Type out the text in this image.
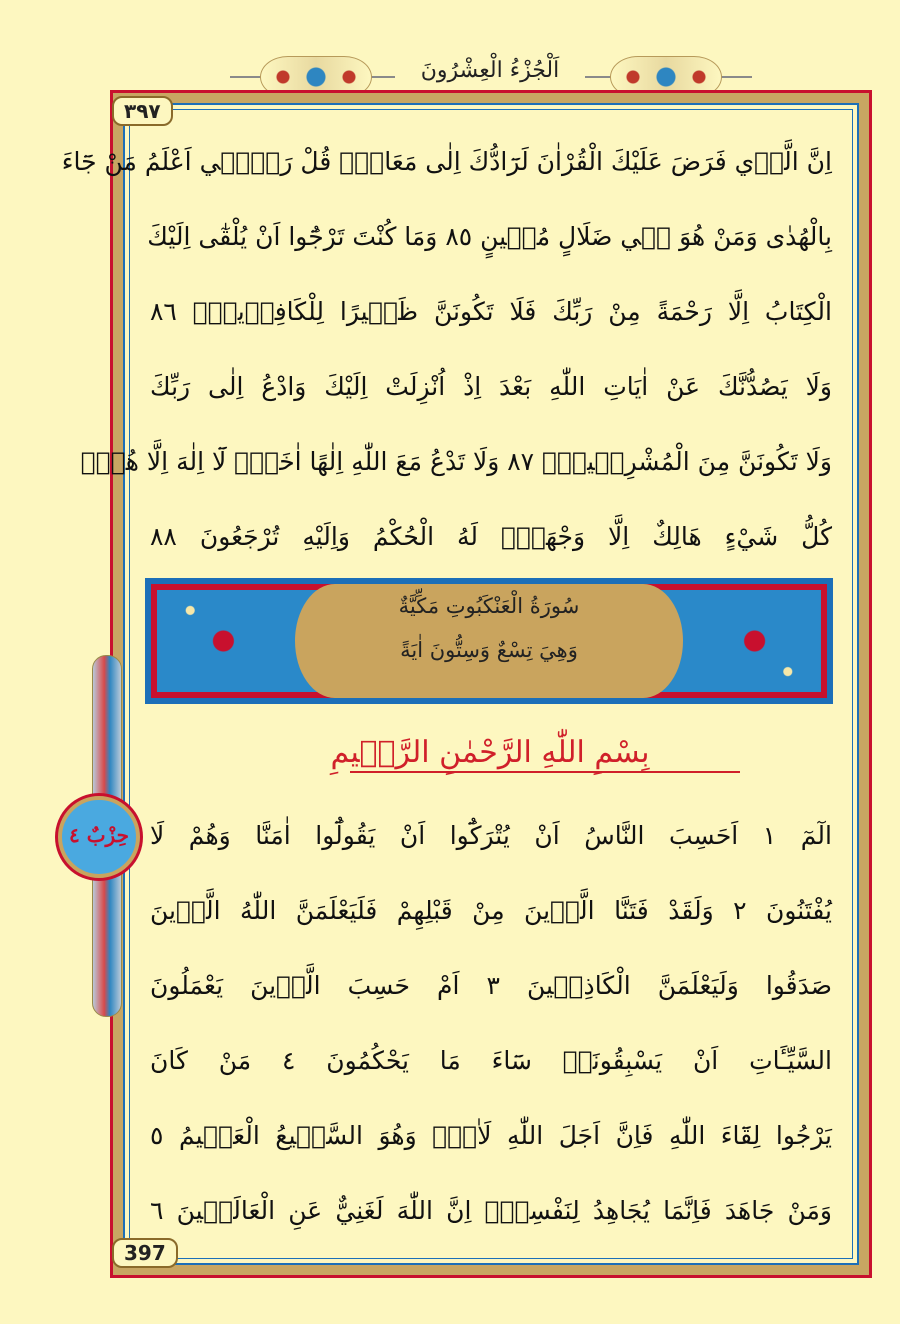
اَلْجُزْءُ الْعِشْرُونَ
٣٩٧
397
اِنَّ الَّذ۪ي فَرَضَ عَلَيْكَ الْقُرْاٰنَ لَرَٓادُّكَ اِلٰى مَعَادٍۜ قُلْ رَبّ۪ٓي اَعْلَمُ مَنْ جَٓاءَ
بِالْهُدٰى وَمَنْ هُوَ ف۪ي ضَلَالٍ مُب۪ينٍ ٨٥ وَمَا كُنْتَ تَرْجُٓوا اَنْ يُلْقٰٓى اِلَيْكَ
الْكِتَابُ اِلَّا رَحْمَةً مِنْ رَبِّكَ فَلَا تَكُونَنَّ ظَه۪يرًا لِلْكَافِر۪ينَۘ ٨٦
وَلَا يَصُدُّنَّكَ عَنْ اٰيَاتِ اللّٰهِ بَعْدَ اِذْ اُنْزِلَتْ اِلَيْكَ وَادْعُ اِلٰى رَبِّكَ
وَلَا تَكُونَنَّ مِنَ الْمُشْرِك۪ينَۚ ٨٧ وَلَا تَدْعُ مَعَ اللّٰهِ اِلٰهًا اٰخَرَۢ لَٓا اِلٰهَ اِلَّا هُوَۜ
كُلُّ شَيْءٍ هَالِكٌ اِلَّا وَجْهَهُۜ لَهُ الْحُكْمُ وَاِلَيْهِ تُرْجَعُونَ ٨٨
سُورَةُ الْعَنْكَبُوتِ مَكِّيَّةٌ
وَهِيَ تِسْعٌ وَسِتُّونَ اٰيَةً
بِسْمِ اللّٰهِ الرَّحْمٰنِ الرَّح۪يمِ
حِزْبٌ ٤ الٓمٓ ١ اَحَسِبَ النَّاسُ اَنْ يُتْرَكُٓوا اَنْ يَقُولُٓوا اٰمَنَّا وَهُمْ لَا
يُفْتَنُونَ ٢ وَلَقَدْ فَتَنَّا الَّذ۪ينَ مِنْ قَبْلِهِمْ فَلَيَعْلَمَنَّ اللّٰهُ الَّذ۪ينَ
صَدَقُوا وَلَيَعْلَمَنَّ الْكَاذِب۪ينَ ٣ اَمْ حَسِبَ الَّذ۪ينَ يَعْمَلُونَ
السَّيِّـَٔاتِ اَنْ يَسْبِقُونَاۜ سَٓاءَ مَا يَحْكُمُونَ ٤ مَنْ كَانَ
يَرْجُوا لِقَٓاءَ اللّٰهِ فَاِنَّ اَجَلَ اللّٰهِ لَاٰتٍۜ وَهُوَ السَّم۪يعُ الْعَل۪يمُ ٥
وَمَنْ جَاهَدَ فَاِنَّمَا يُجَاهِدُ لِنَفْسِه۪ۜ اِنَّ اللّٰهَ لَغَنِيٌّ عَنِ الْعَالَم۪ينَ ٦
